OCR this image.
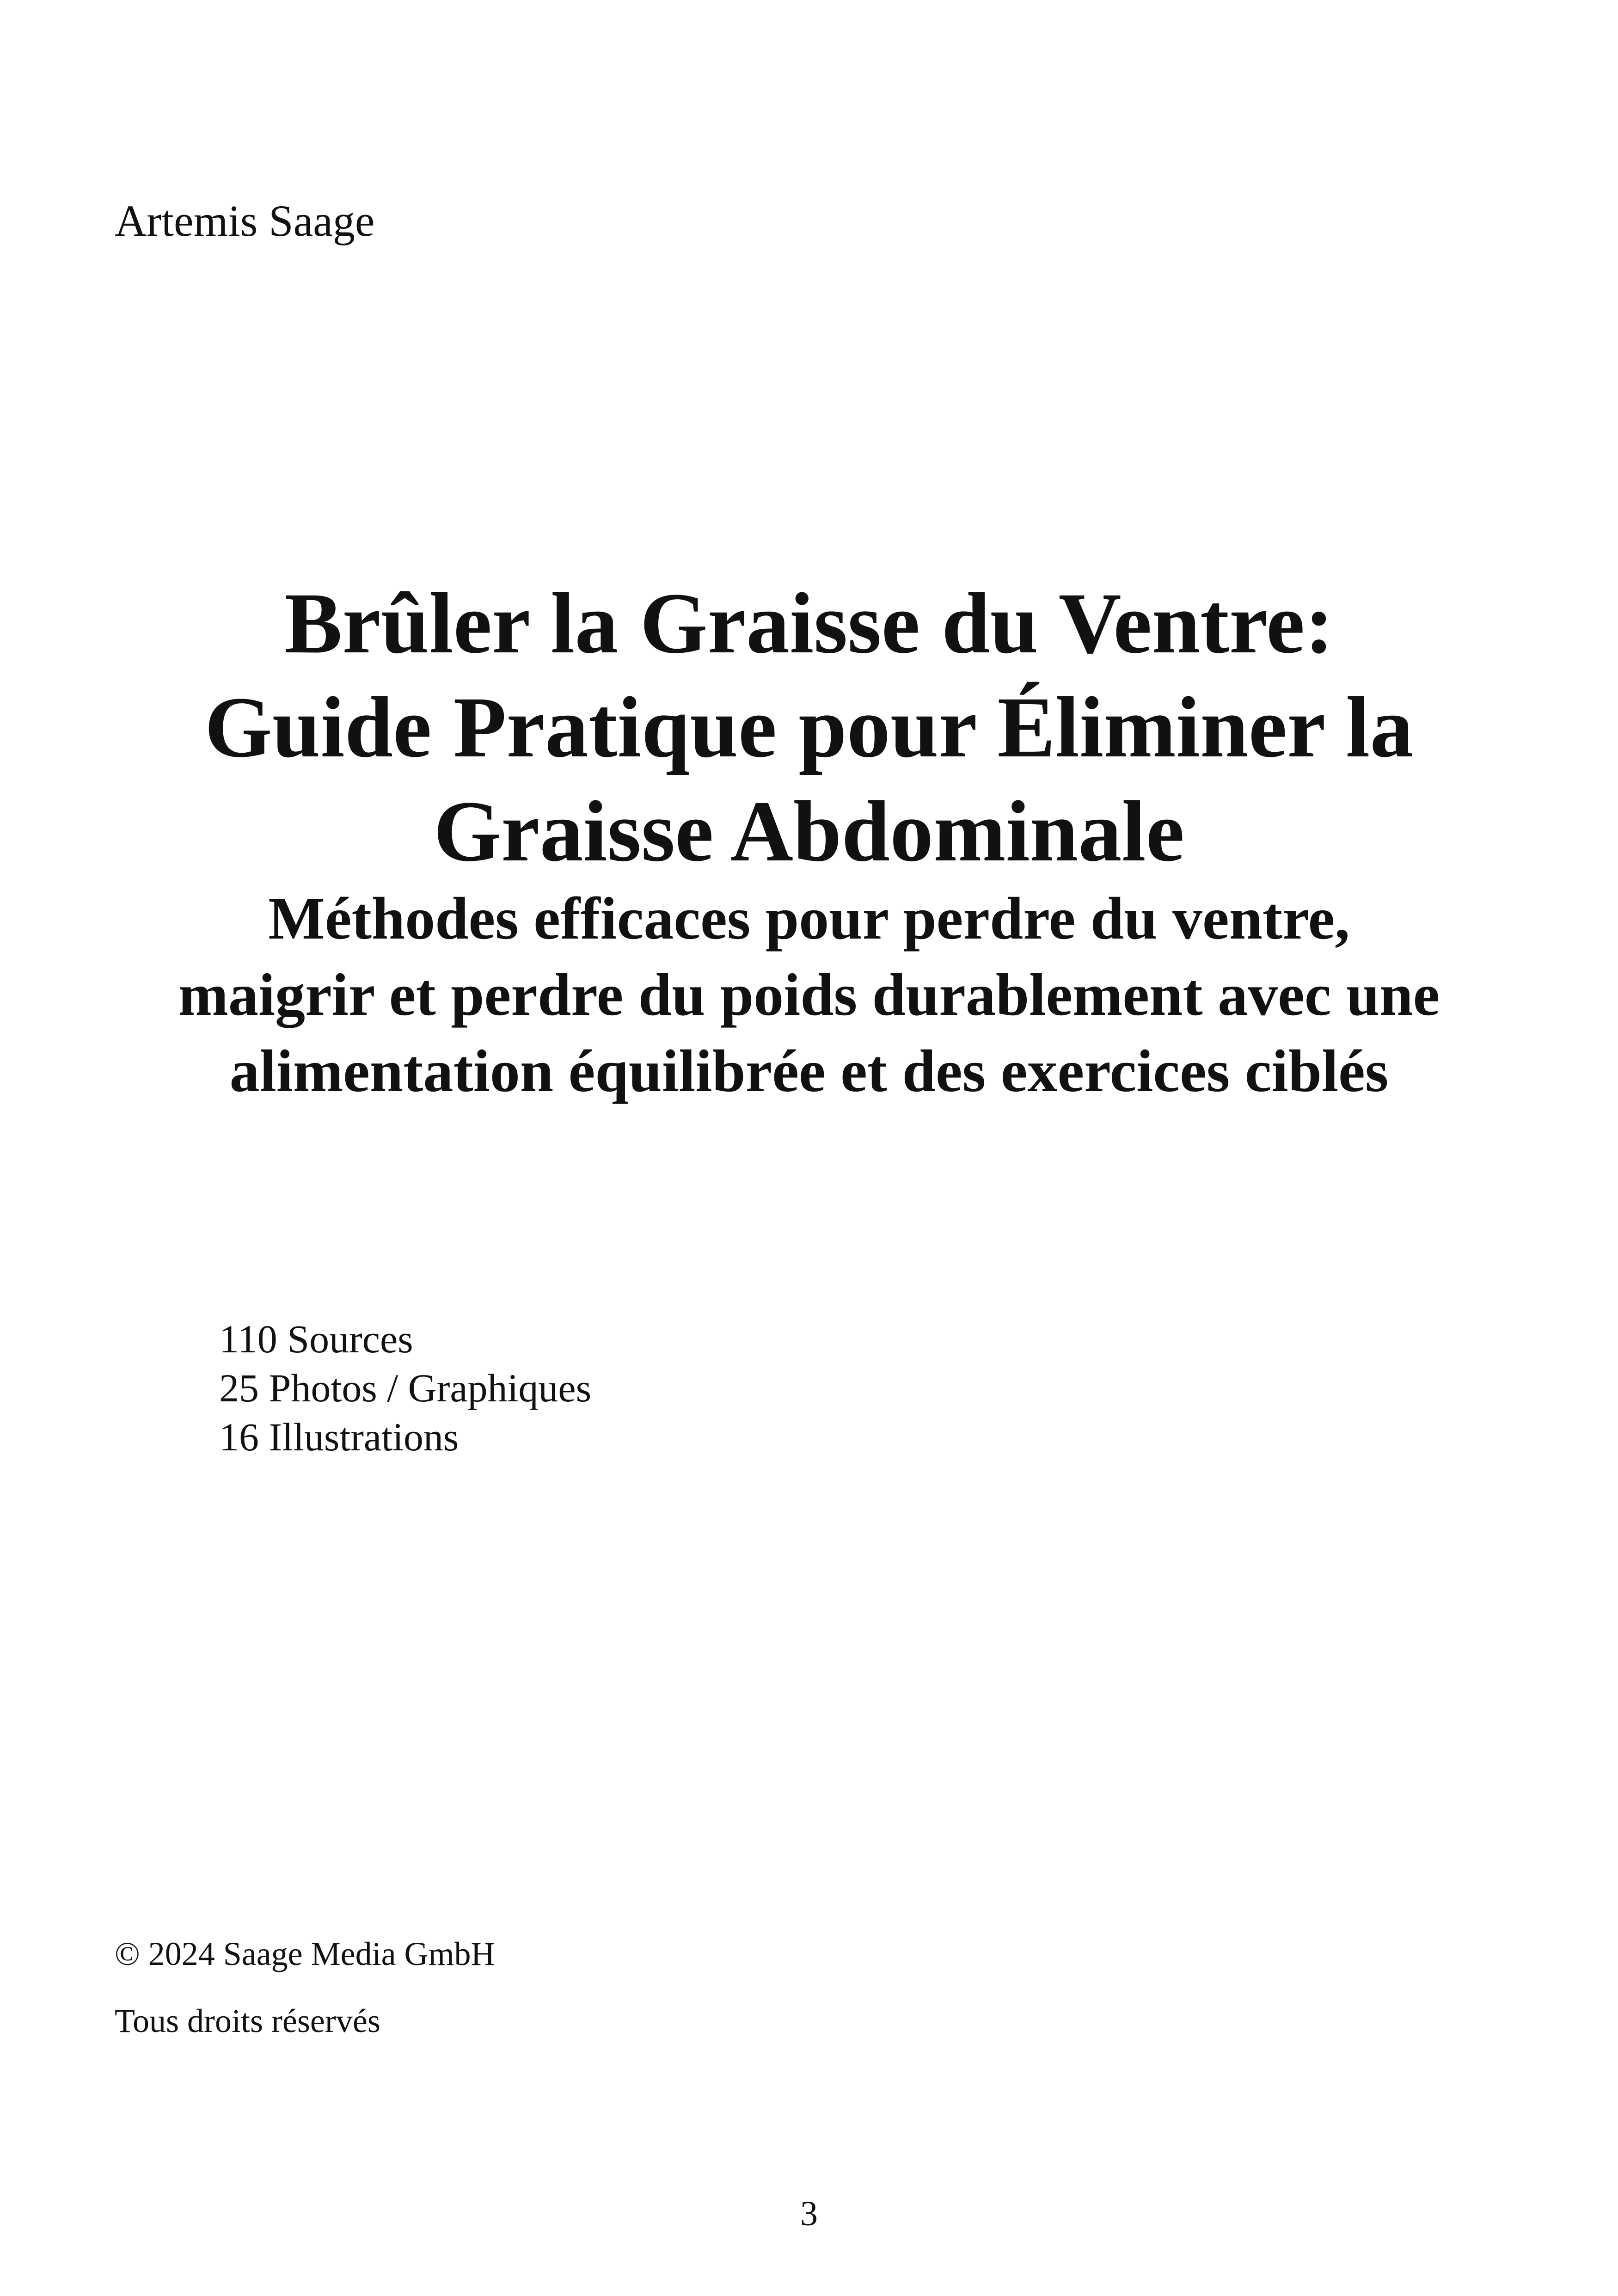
Artemis Saage
Brûler la Graisse du Ventre:
Guide Pratique pour Éliminer la
Graisse Abdominale
Méthodes efficaces pour perdre du ventre,
maigrir et perdre du poids durablement avec une
alimentation équilibrée et des exercices ciblés
110 Sources
25 Photos / Graphiques
16 Illustrations
© 2024 Saage Media GmbH
Tous droits réservés
3
